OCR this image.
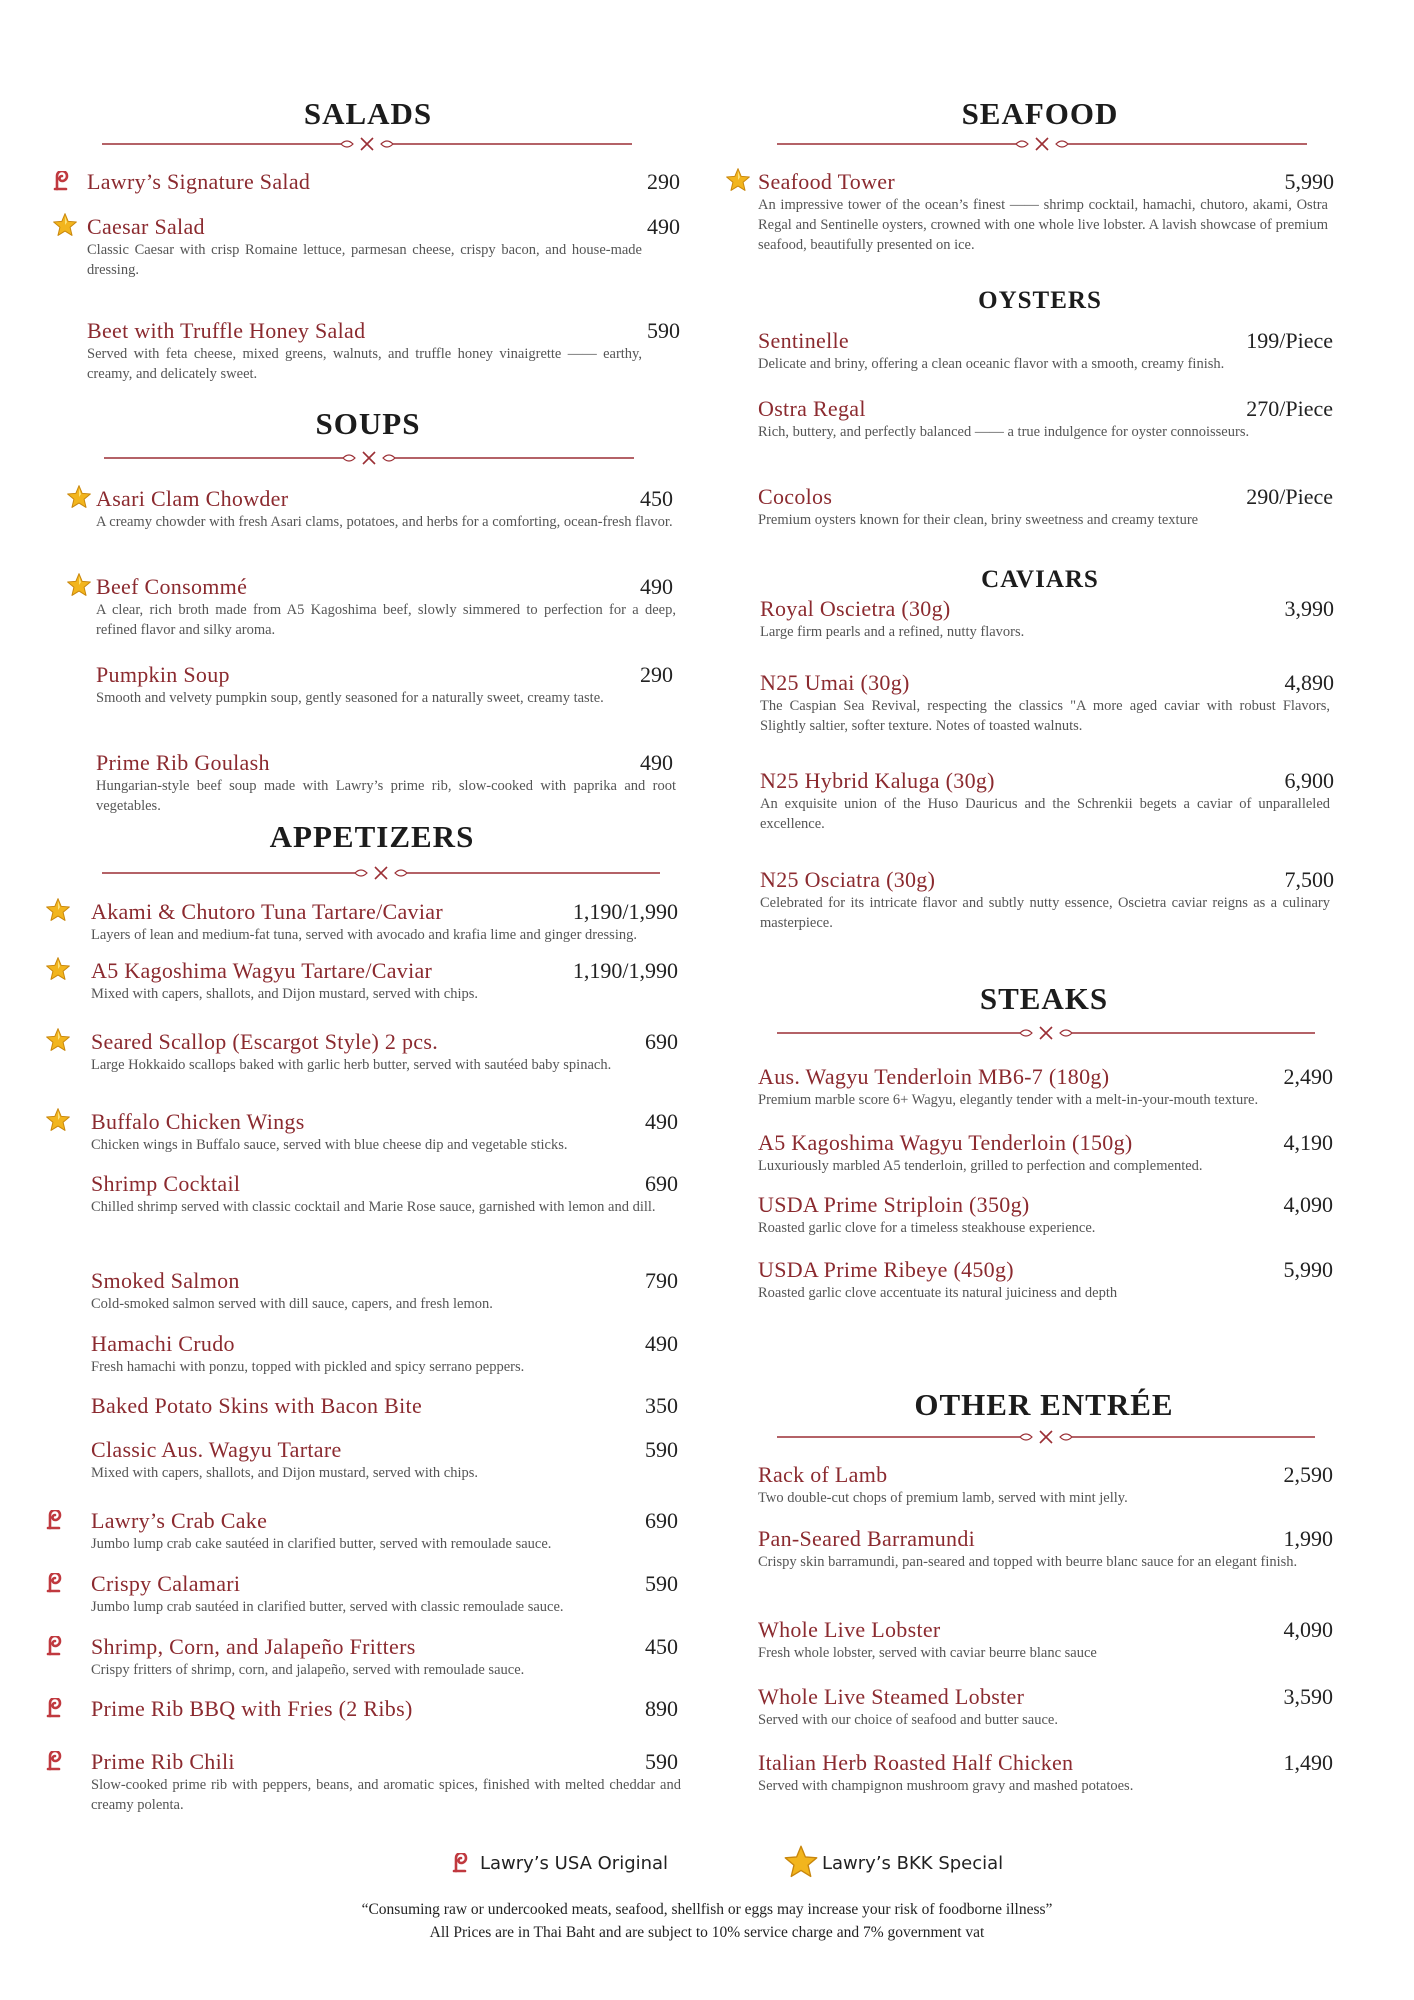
SALADS
Lawry’s Signature Salad	290
Caesar Salad	490
Classic Caesar with crisp Romaine lettuce, parmesan cheese, crispy bacon, and house-made dressing.
Beet with Truffle Honey Salad	590
Served with feta cheese, mixed greens, walnuts, and truffle honey vinaigrette —— earthy, creamy, and delicately sweet.
SOUPS
Asari Clam Chowder	450
A creamy chowder with fresh Asari clams, potatoes, and herbs for a comforting, ocean-fresh flavor.
Beef Consommé	490
A clear, rich broth made from A5 Kagoshima beef, slowly simmered to perfection for a deep, refined flavor and silky aroma.
Pumpkin Soup	290
Smooth and velvety pumpkin soup, gently seasoned for a naturally sweet, creamy taste.
Prime Rib Goulash	490
Hungarian-style beef soup made with Lawry’s prime rib, slow-cooked with paprika and root vegetables.
APPETIZERS
Akami & Chutoro Tuna Tartare/Caviar	1,190/1,990
Layers of lean and medium-fat tuna, served with avocado and krafia lime and ginger dressing.
A5 Kagoshima Wagyu Tartare/Caviar	1,190/1,990
Mixed with capers, shallots, and Dijon mustard, served with chips.
Seared Scallop (Escargot Style) 2 pcs.	690
Large Hokkaido scallops baked with garlic herb butter, served with sautéed baby spinach.
Buffalo Chicken Wings	490
Chicken wings in Buffalo sauce, served with blue cheese dip and vegetable sticks.
Shrimp Cocktail	690
Chilled shrimp served with classic cocktail and Marie Rose sauce, garnished with lemon and dill.
Smoked Salmon	790
Cold-smoked salmon served with dill sauce, capers, and fresh lemon.
Hamachi Crudo	490
Fresh hamachi with ponzu, topped with pickled and spicy serrano peppers.
Baked Potato Skins with Bacon Bite	350
Classic Aus. Wagyu Tartare	590
Mixed with capers, shallots, and Dijon mustard, served with chips.
Lawry’s Crab Cake	690
Jumbo lump crab cake sautéed in clarified butter, served with remoulade sauce.
Crispy Calamari	590
Jumbo lump crab sautéed in clarified butter, served with classic remoulade sauce.
Shrimp, Corn, and Jalapeño Fritters	450
Crispy fritters of shrimp, corn, and jalapeño, served with remoulade sauce.
Prime Rib BBQ with Fries (2 Ribs)	890
Prime Rib Chili	590
Slow-cooked prime rib with peppers, beans, and aromatic spices, finished with melted cheddar and creamy polenta.
SEAFOOD
Seafood Tower	5,990
An impressive tower of the ocean’s finest —— shrimp cocktail, hamachi, chutoro, akami, Ostra Regal and Sentinelle oysters, crowned with one whole live lobster. A lavish showcase of premium seafood, beautifully presented on ice.
OYSTERS
Sentinelle	199/Piece
Delicate and briny, offering a clean oceanic flavor with a smooth, creamy finish.
Ostra Regal	270/Piece
Rich, buttery, and perfectly balanced —— a true indulgence for oyster connoisseurs.
Cocolos	290/Piece
Premium oysters known for their clean, briny sweetness and creamy texture
CAVIARS
Royal Oscietra (30g)	3,990
Large firm pearls and a refined, nutty flavors.
N25 Umai (30g)	4,890
The Caspian Sea Revival, respecting the classics "A more aged caviar with robust Flavors, Slightly saltier, softer texture. Notes of toasted walnuts.
N25 Hybrid Kaluga (30g)	6,900
An exquisite union of the Huso Dauricus and the Schrenkii begets a caviar of unparalleled excellence.
N25 Osciatra (30g)	7,500
Celebrated for its intricate flavor and subtly nutty essence, Oscietra caviar reigns as a culinary masterpiece.
STEAKS
Aus. Wagyu Tenderloin MB6-7 (180g)	2,490
Premium marble score 6+ Wagyu, elegantly tender with a melt-in-your-mouth texture.
A5 Kagoshima Wagyu Tenderloin (150g)	4,190
Luxuriously marbled A5 tenderloin, grilled to perfection and complemented.
USDA Prime Striploin (350g)	4,090
Roasted garlic clove for a timeless steakhouse experience.
USDA Prime Ribeye (450g)	5,990
Roasted garlic clove accentuate its natural juiciness and depth
OTHER ENTRÉE
Rack of Lamb	2,590
Two double-cut chops of premium lamb, served with mint jelly.
Pan-Seared Barramundi	1,990
Crispy skin barramundi, pan-seared and topped with beurre blanc sauce for an elegant finish.
Whole Live Lobster	4,090
Fresh whole lobster, served with caviar beurre blanc sauce
Whole Live Steamed Lobster	3,590
Served with our choice of seafood and butter sauce.
Italian Herb Roasted Half Chicken	1,490
Served with champignon mushroom gravy and mashed potatoes.
Lawry’s USA Original	Lawry’s BKK Special
“Consuming raw or undercooked meats, seafood, shellfish or eggs may increase your risk of foodborne illness”
All Prices are in Thai Baht and are subject to 10% service charge and 7% government vat
